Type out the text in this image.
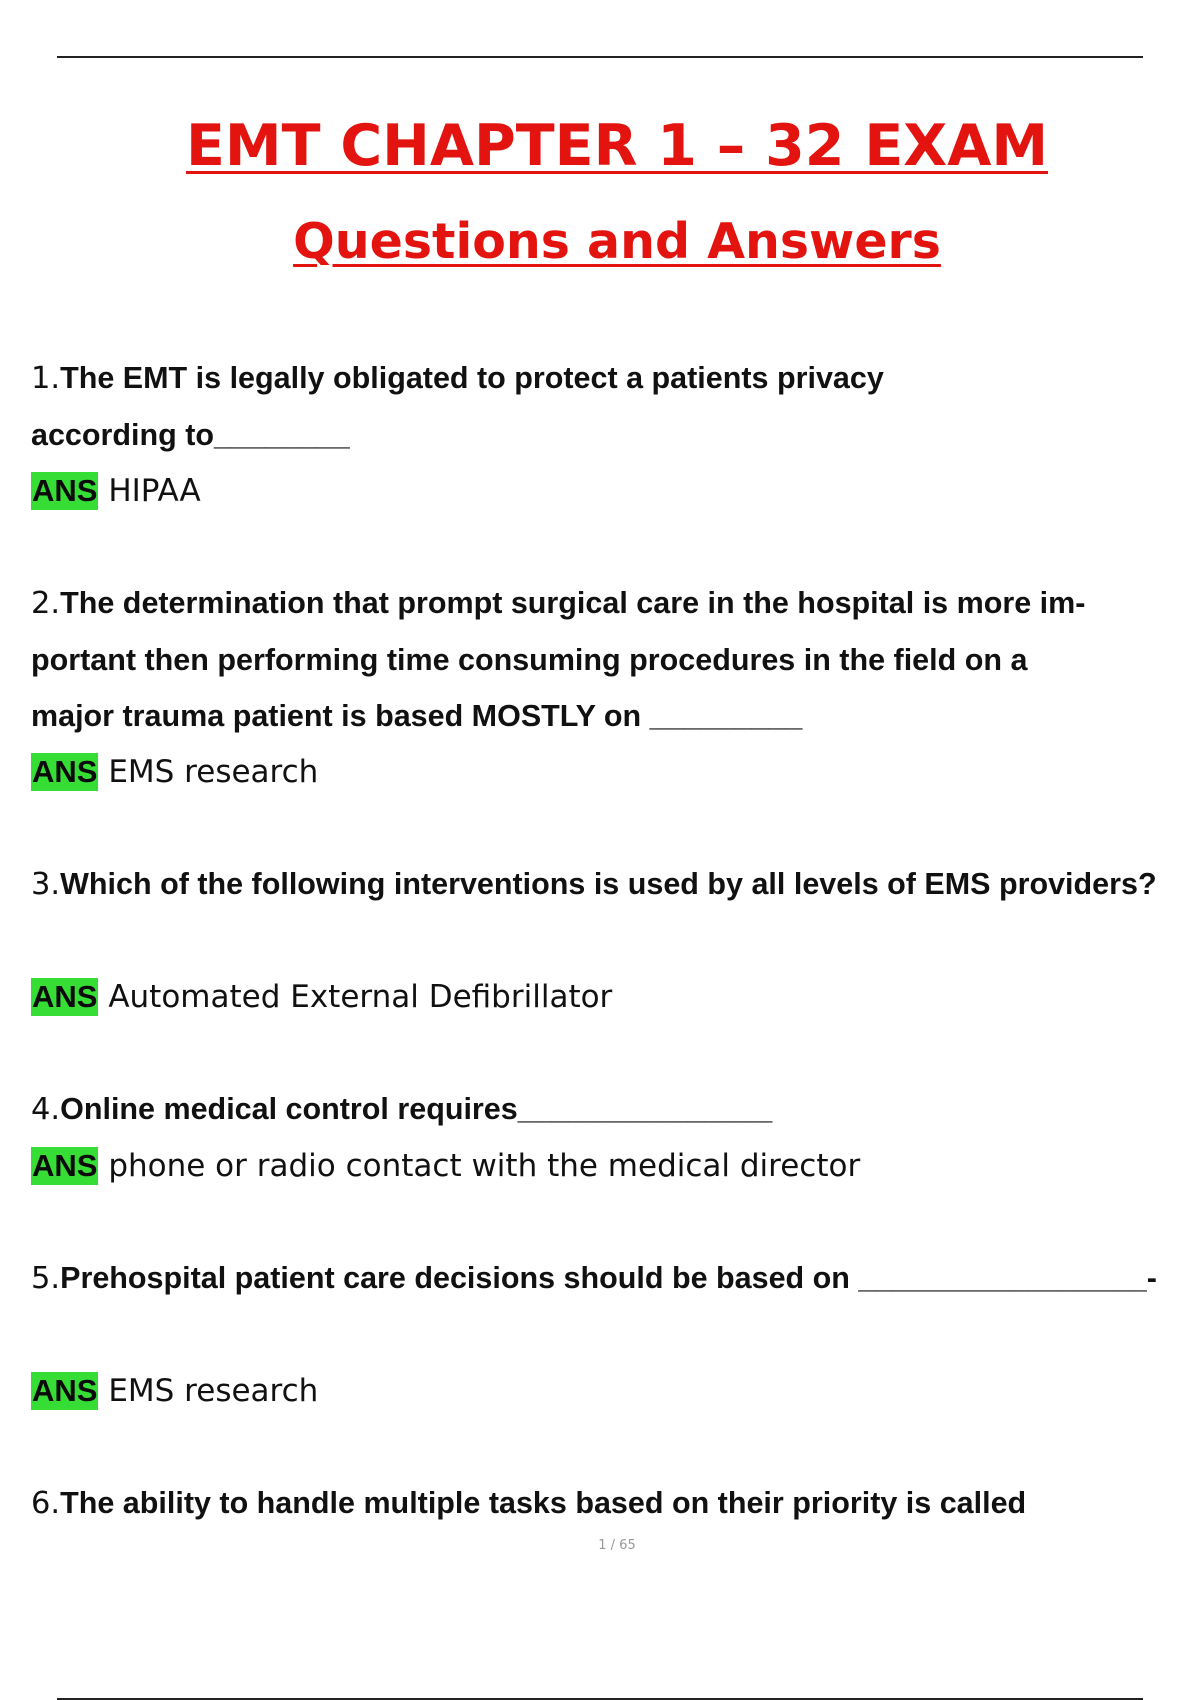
EMT CHAPTER 1 – 32 EXAM
Questions and Answers

1.The EMT is legally obligated to protect a patients privacy

according to________

ANS HIPAA

2.The determination that prompt surgical care in the hospital is more im-

portant then performing time consuming procedures in the field on a

major trauma patient is based MOSTLY on _________

ANS EMS research

3.Which of the following interventions is used by all levels of EMS providers?

ANS Automated External Defibrillator

4.Online medical control requires_______________

ANS phone or radio contact with the medical director

5.Prehospital patient care decisions should be based on _________________-

ANS EMS research

6.The ability to handle multiple tasks based on their priority is called

1 / 65
